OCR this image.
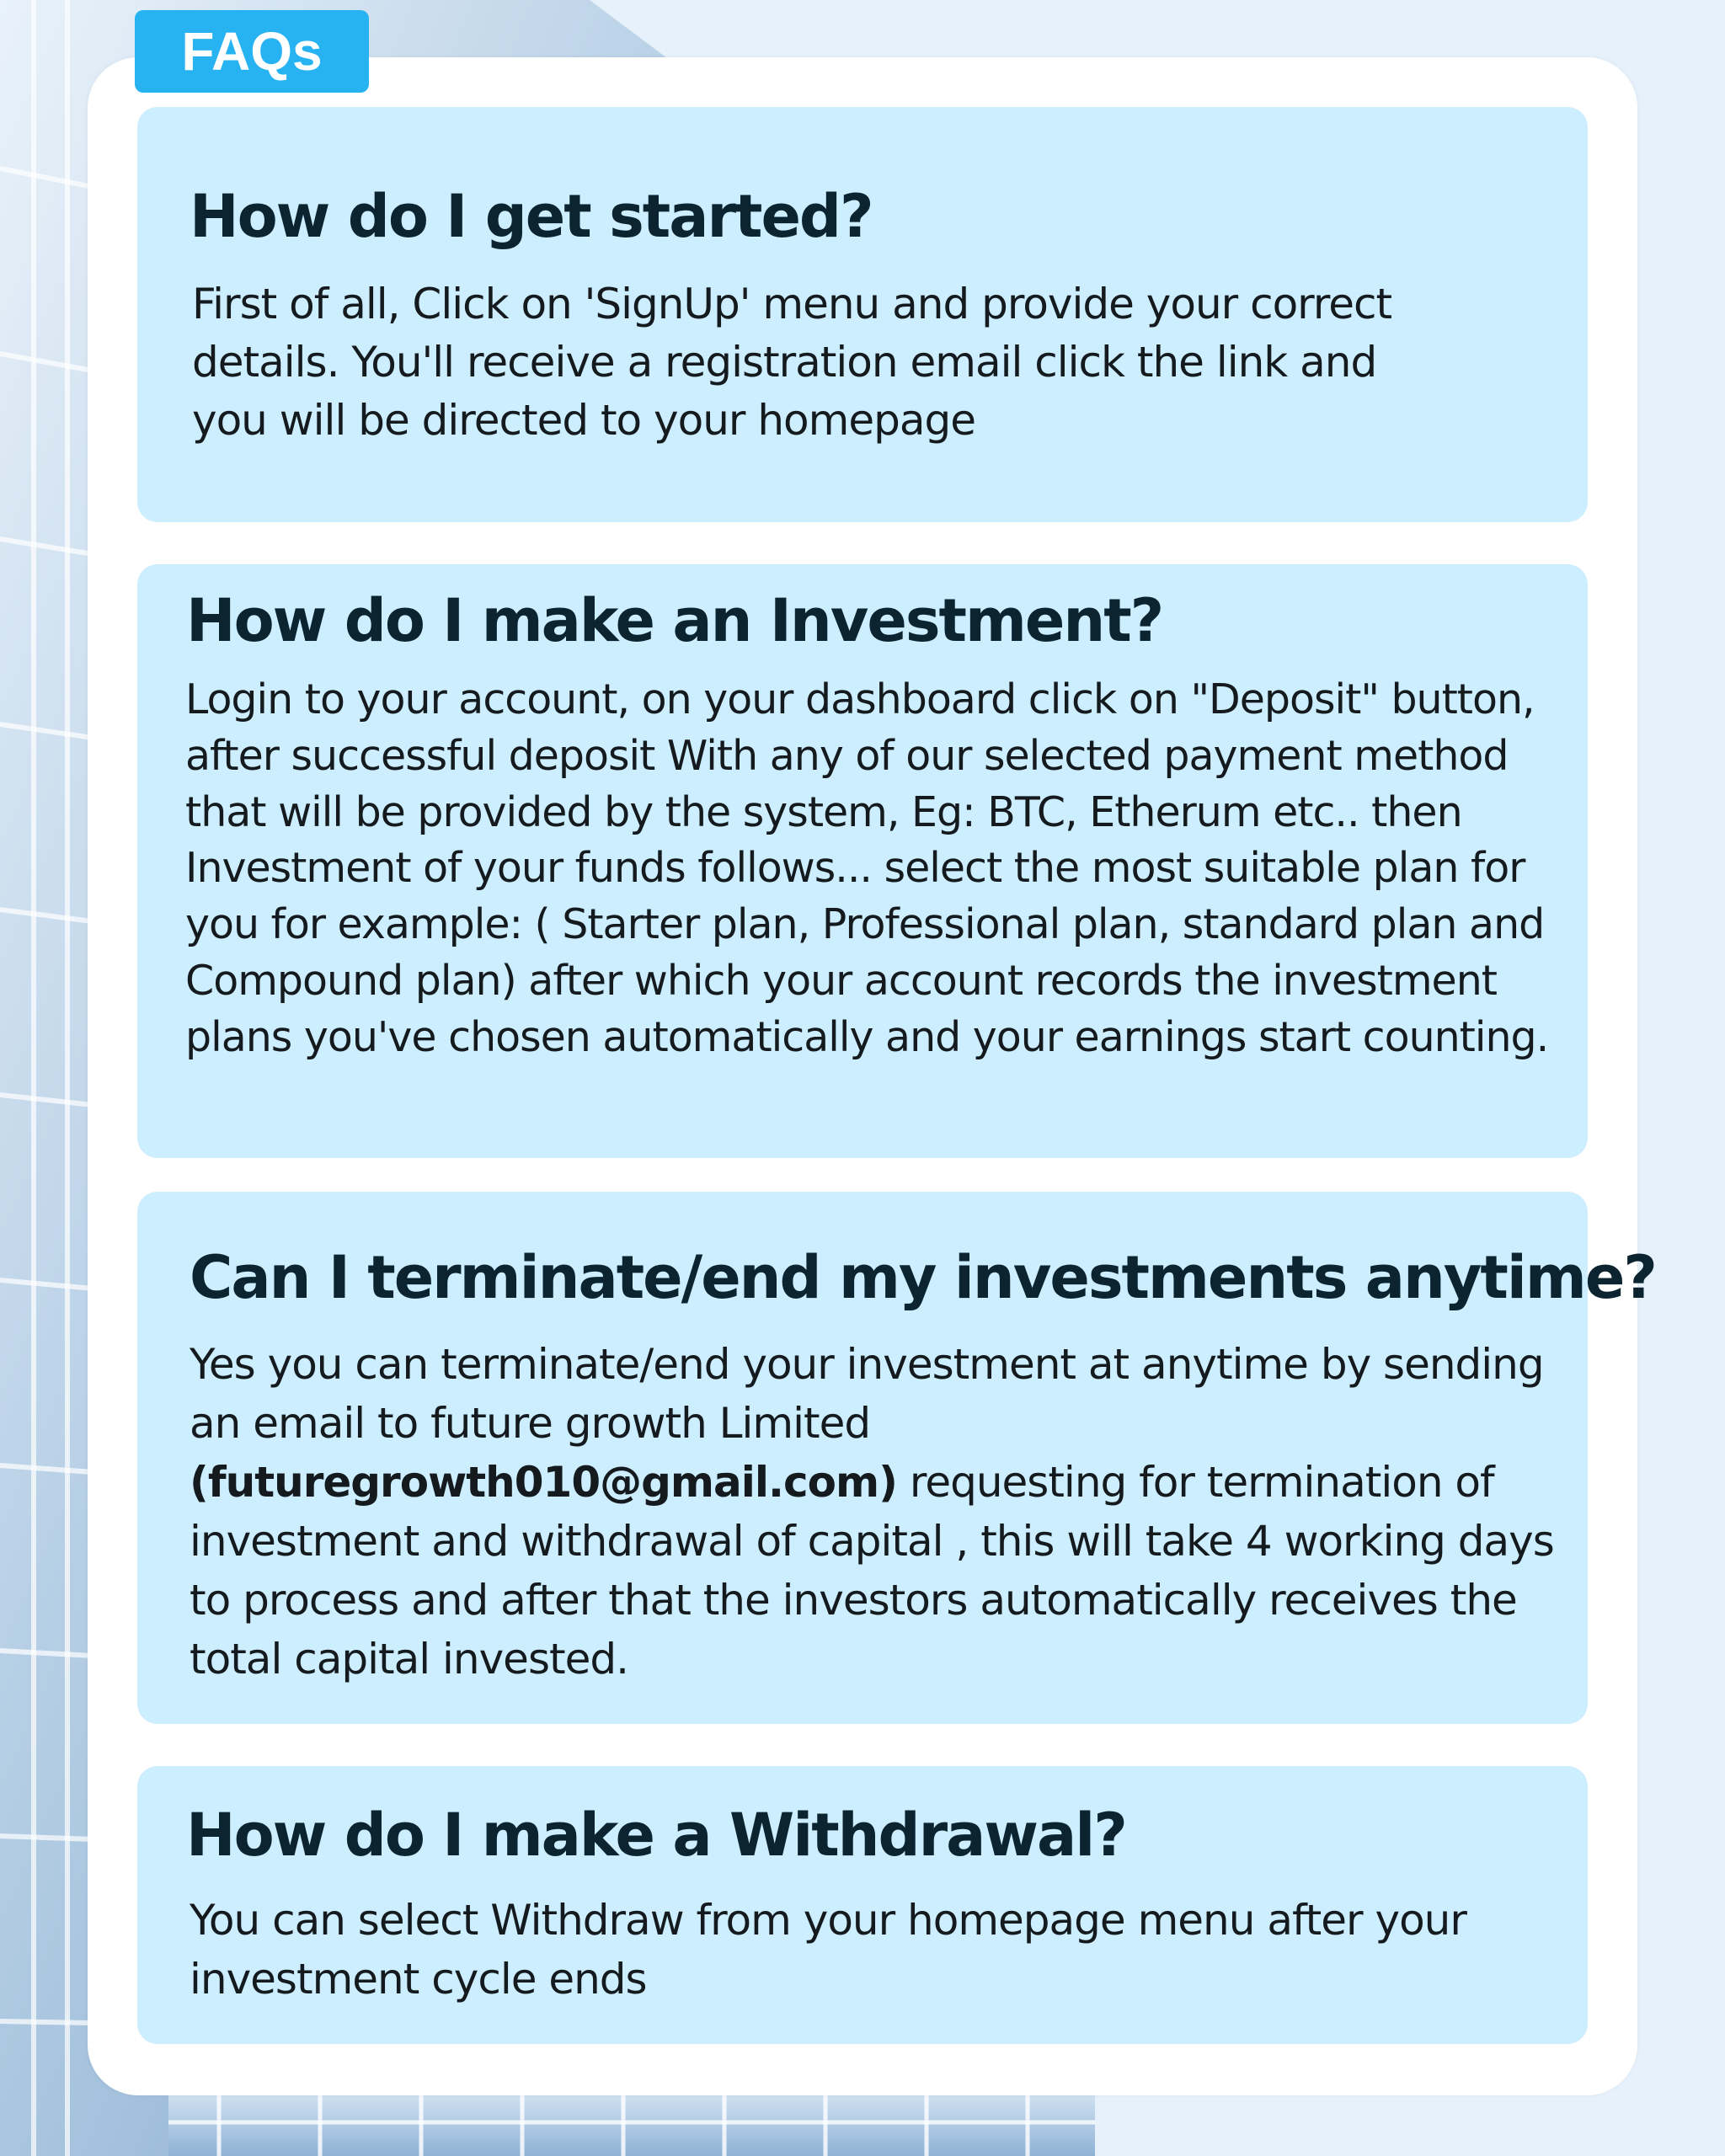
FAQs
How do I get started?

First of all, Click on 'SignUp' menu and provide your correct details. You'll receive a registration email click the link and you will be directed to your homepage

How do I make an Investment?

Login to your account, on your dashboard click on "Deposit" button, after successful deposit With any of our selected payment method that will be provided by the system, Eg: BTC, Etherum etc.. then Investment of your funds follows... select the most suitable plan for you for example: ( Starter plan, Professional plan, standard plan and Compound plan) after which your account records the investment plans you've chosen automatically and your earnings start counting.

Can I terminate/end my investments anytime?

Yes you can terminate/end your investment at anytime by sending an email to future growth Limited (futuregrowth010@gmail.com) requesting for termination of investment and withdrawal of capital , this will take 4 working days to process and after that the investors automatically receives the total capital invested.

How do I make a Withdrawal?

You can select Withdraw from your homepage menu after your investment cycle ends
